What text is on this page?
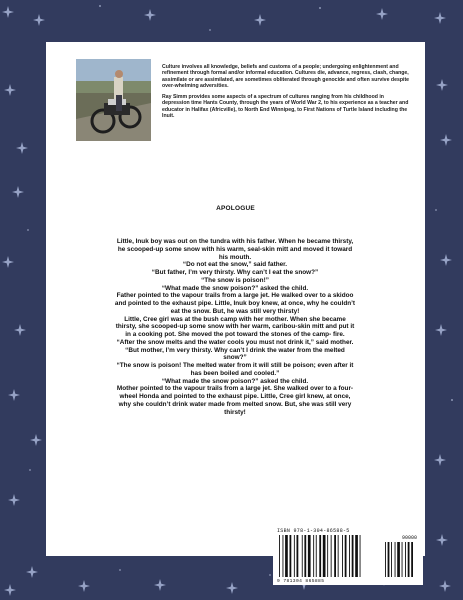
Culture involves all knowledge, beliefs and customs of a people; undergoing enlightenment and refinement through formal and/or informal education. Cultures die, advance, regress, clash, change, assimilate or are assimilated, are sometimes obliterated through genocide and often survive despite over-whelming adversities.

Ray Simm provides some aspects of a spectrum of cultures ranging from his childhood in depression time Hants County, through the years of World War 2, to his experience as a teacher and educator in Halifax (Africville), to North End Winnipeg, to First Nations of Turtle Island including the Inuit.

APOLOGUE

Little, Inuk boy was out on the tundra with his father. When he became thirsty,

he scooped-up some snow with his warm, seal-skin mitt and moved it toward

his mouth.

“Do not eat the snow,” said father.

“But father, I’m very thirsty. Why can’t I eat the snow?”

“The snow is poison!”

“What made the snow poison?” asked the child.

Father pointed to the vapour trails from a large jet. He walked over to a skidoo

and pointed to the exhaust pipe. Little, Inuk boy knew, at once, why he couldn’t

eat the snow. But, he was still very thirsty!

Little, Cree girl was at the bush camp with her mother. When she became

thirsty, she scooped-up some snow with her warm, caribou-skin mitt and put it

in a cooking pot. She moved the pot toward the stones of the camp- fire.

“After the snow melts and the water cools you must not drink it,” said mother.

“But mother, I’m very thirsty. Why can’t I drink the water from the melted

snow?”

“The snow is poison! The melted water from it will still be poison; even after it

has been boiled and cooled.”

“What made the snow poison?” asked the child.

Mother pointed to the vapour trails from a large jet. She walked over to a four-

wheel Honda and pointed to the exhaust pipe. Little, Cree girl knew, at once,

why she couldn’t drink water made from melted snow. But, she was still very

thirsty!

ISBN 978-1-304-86588-5
90000
9 781304 865885
